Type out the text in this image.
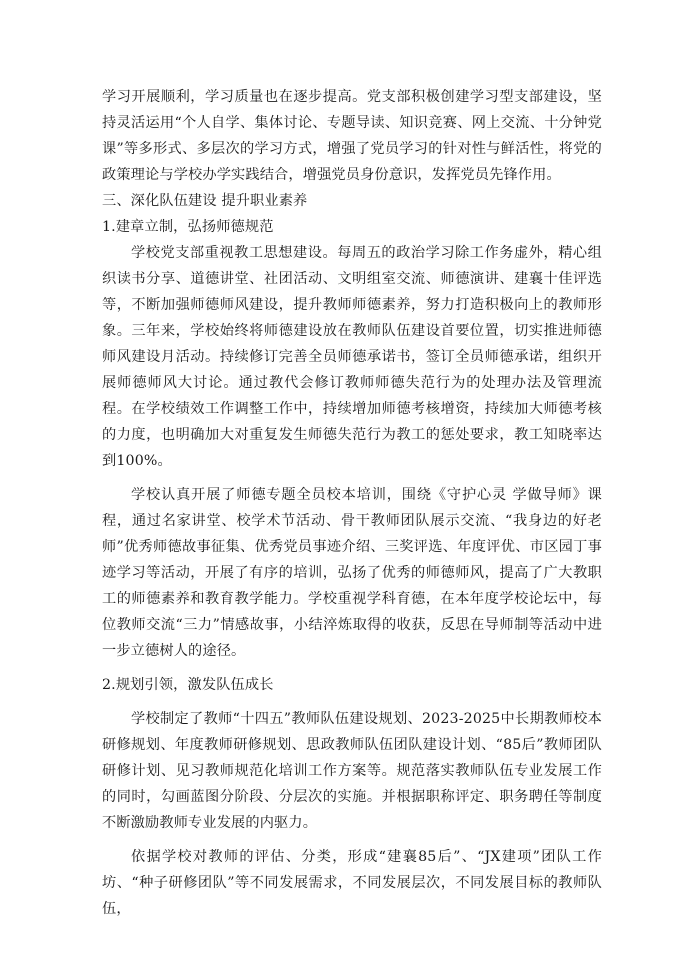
学习开展顺利，学习质量也在逐步提高。党支部积极创建学习型支部建设，坚持灵活运用“个人自学、集体讨论、专题导读、知识竞赛、网上交流、十分钟党课”等多形式、多层次的学习方式，增强了党员学习的针对性与鲜活性，将党的政策理论与学校办学实践结合，增强党员身份意识，发挥党员先锋作用。

三、深化队伍建设 提升职业素养

1.建章立制，弘扬师德规范

学校党支部重视教工思想建设。每周五的政治学习除工作务虚外，精心组织读书分享、道德讲堂、社团活动、文明组室交流、师德演讲、建襄十佳评选等，不断加强师德师风建设，提升教师师德素养，努力打造积极向上的教师形象。三年来，学校始终将师德建设放在教师队伍建设首要位置，切实推进师德师风建设月活动。持续修订完善全员师德承诺书，签订全员师德承诺，组织开展师德师风大讨论。通过教代会修订教师师德失范行为的处理办法及管理流程。在学校绩效工作调整工作中，持续增加师德考核增资，持续加大师德考核的力度，也明确加大对重复发生师德失范行为教工的惩处要求，教工知晓率达到100%。

学校认真开展了师德专题全员校本培训，围绕《守护心灵 学做导师》课程，通过名家讲堂、校学术节活动、骨干教师团队展示交流、“我身边的好老师”优秀师德故事征集、优秀党员事迹介绍、三奖评选、年度评优、市区园丁事迹学习等活动，开展了有序的培训，弘扬了优秀的师德师风，提高了广大教职工的师德素养和教育教学能力。学校重视学科育德，在本年度学校论坛中，每位教师交流“三力”情感故事，小结淬炼取得的收获，反思在导师制等活动中进一步立德树人的途径。

2.规划引领，激发队伍成长

学校制定了教师“十四五”教师队伍建设规划、2023-2025中长期教师校本研修规划、年度教师研修规划、思政教师队伍团队建设计划、“85后”教师团队研修计划、见习教师规范化培训工作方案等。规范落实教师队伍专业发展工作的同时，勾画蓝图分阶段、分层次的实施。并根据职称评定、职务聘任等制度不断激励教师专业发展的内驱力。

依据学校对教师的评估、分类，形成“建襄85后”、“JX建项”团队工作坊、“种子研修团队”等不同发展需求，不同发展层次，不同发展目标的教师队伍，
